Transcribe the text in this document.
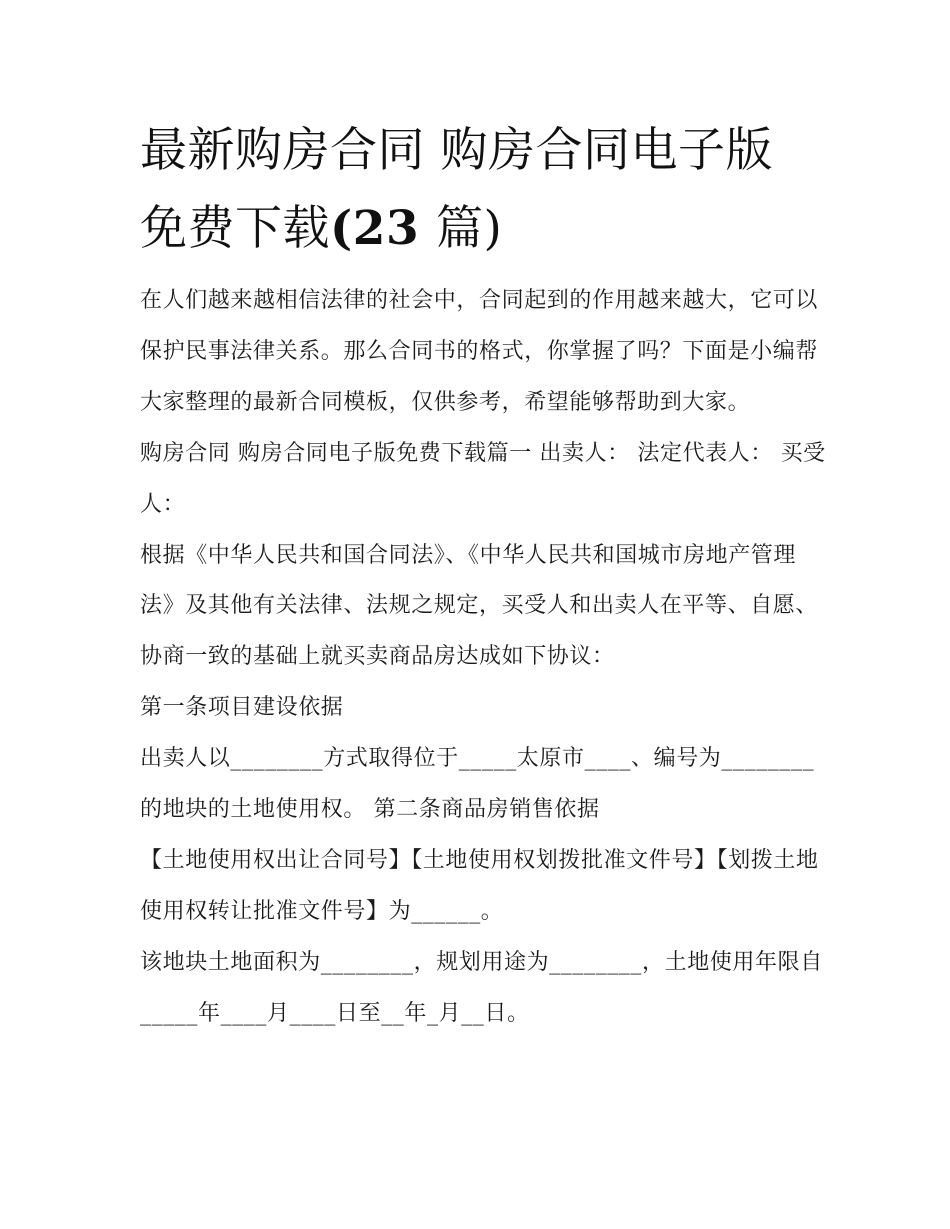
最新购房合同 购房合同电子版
免费下载(23 篇)

在人们越来越相信法律的社会中，合同起到的作用越来越大，它可以保护民事法律关系。那么合同书的格式，你掌握了吗？下面是小编帮大家整理的最新合同模板，仅供参考，希望能够帮助到大家。

购房合同 购房合同电子版免费下载篇一 出卖人： 法定代表人： 买受人：

根据《中华人民共和国合同法》、《中华人民共和国城市房地产管理法》及其他有关法律、法规之规定，买受人和出卖人在平等、自愿、协商一致的基础上就买卖商品房达成如下协议：

第一条项目建设依据

出卖人以________方式取得位于_____太原市____、编号为________的地块的土地使用权。 第二条商品房销售依据

【土地使用权出让合同号】【土地使用权划拨批准文件号】【划拨土地使用权转让批准文件号】为______。

该地块土地面积为________，规划用途为________，土地使用年限自_____年____月____日至__年_月__日。
